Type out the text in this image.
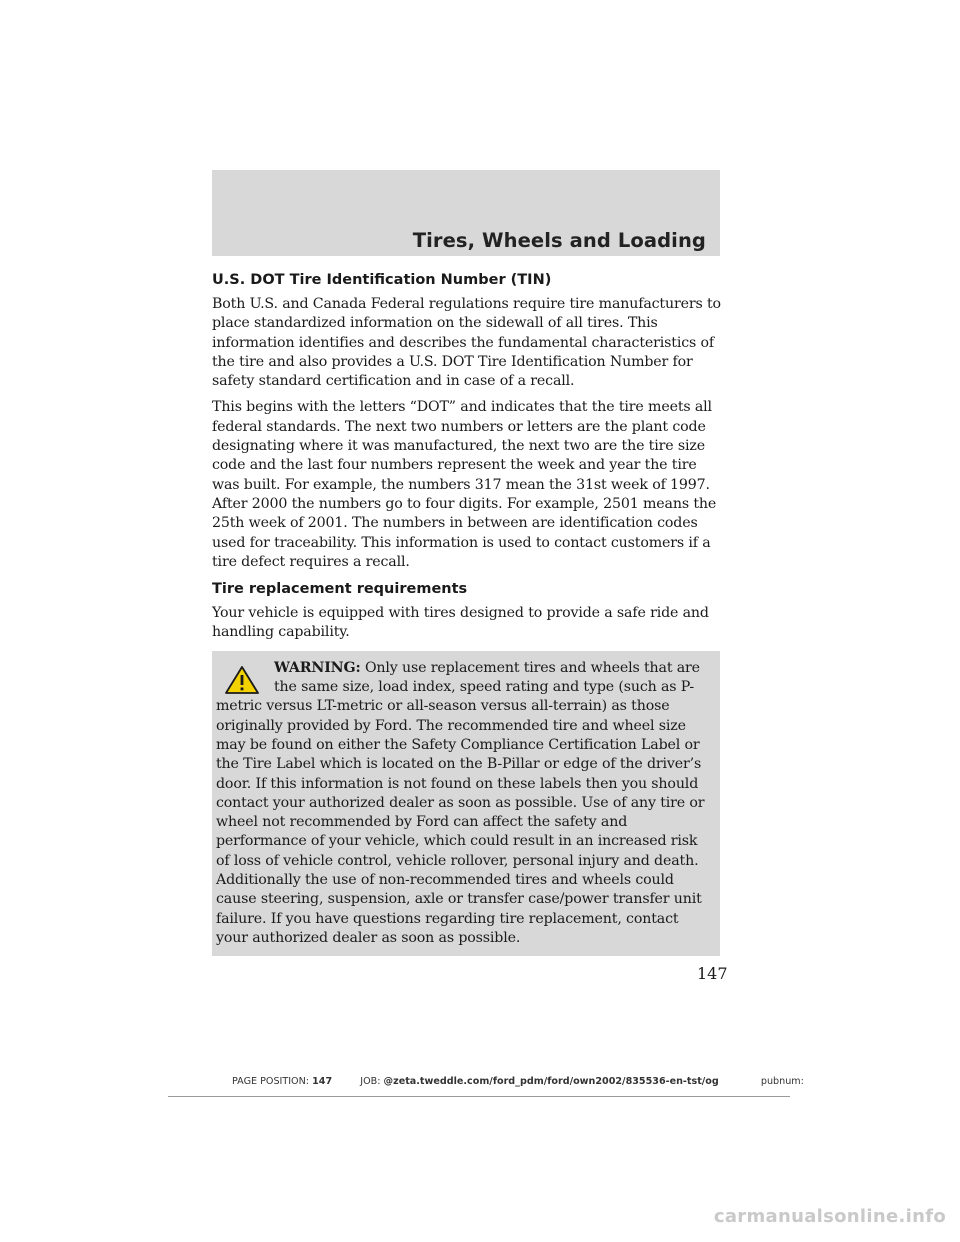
Tires, Wheels and Loading
U.S. DOT Tire Identification Number (TIN)

Both U.S. and Canada Federal regulations require tire manufacturers to place standardized information on the sidewall of all tires. This information identifies and describes the fundamental characteristics of the tire and also provides a U.S. DOT Tire Identification Number for safety standard certification and in case of a recall.

This begins with the letters “DOT” and indicates that the tire meets all federal standards. The next two numbers or letters are the plant code designating where it was manufactured, the next two are the tire size code and the last four numbers represent the week and year the tire was built. For example, the numbers 317 mean the 31st week of 1997. After 2000 the numbers go to four digits. For example, 2501 means the 25th week of 2001. The numbers in between are identification codes used for traceability. This information is used to contact customers if a tire defect requires a recall.

Tire replacement requirements

Your vehicle is equipped with tires designed to provide a safe ride and handling capability.

WARNING: Only use replacement tires and wheels that are the same size, load index, speed rating and type (such as P-metric versus LT-metric or all-season versus all-terrain) as those originally provided by Ford. The recommended tire and wheel size may be found on either the Safety Compliance Certification Label or the Tire Label which is located on the B-Pillar or edge of the driver’s door. If this information is not found on these labels then you should contact your authorized dealer as soon as possible. Use of any tire or wheel not recommended by Ford can affect the safety and performance of your vehicle, which could result in an increased risk of loss of vehicle control, vehicle rollover, personal injury and death. Additionally the use of non-recommended tires and wheels could cause steering, suspension, axle or transfer case/power transfer unit failure. If you have questions regarding tire replacement, contact your authorized dealer as soon as possible.
147
PAGE POSITION: 147	JOB: @zeta.tweddle.com/ford_pdm/ford/own2002/835536-en-tst/og	pubnum:
carmanualsonline.info
